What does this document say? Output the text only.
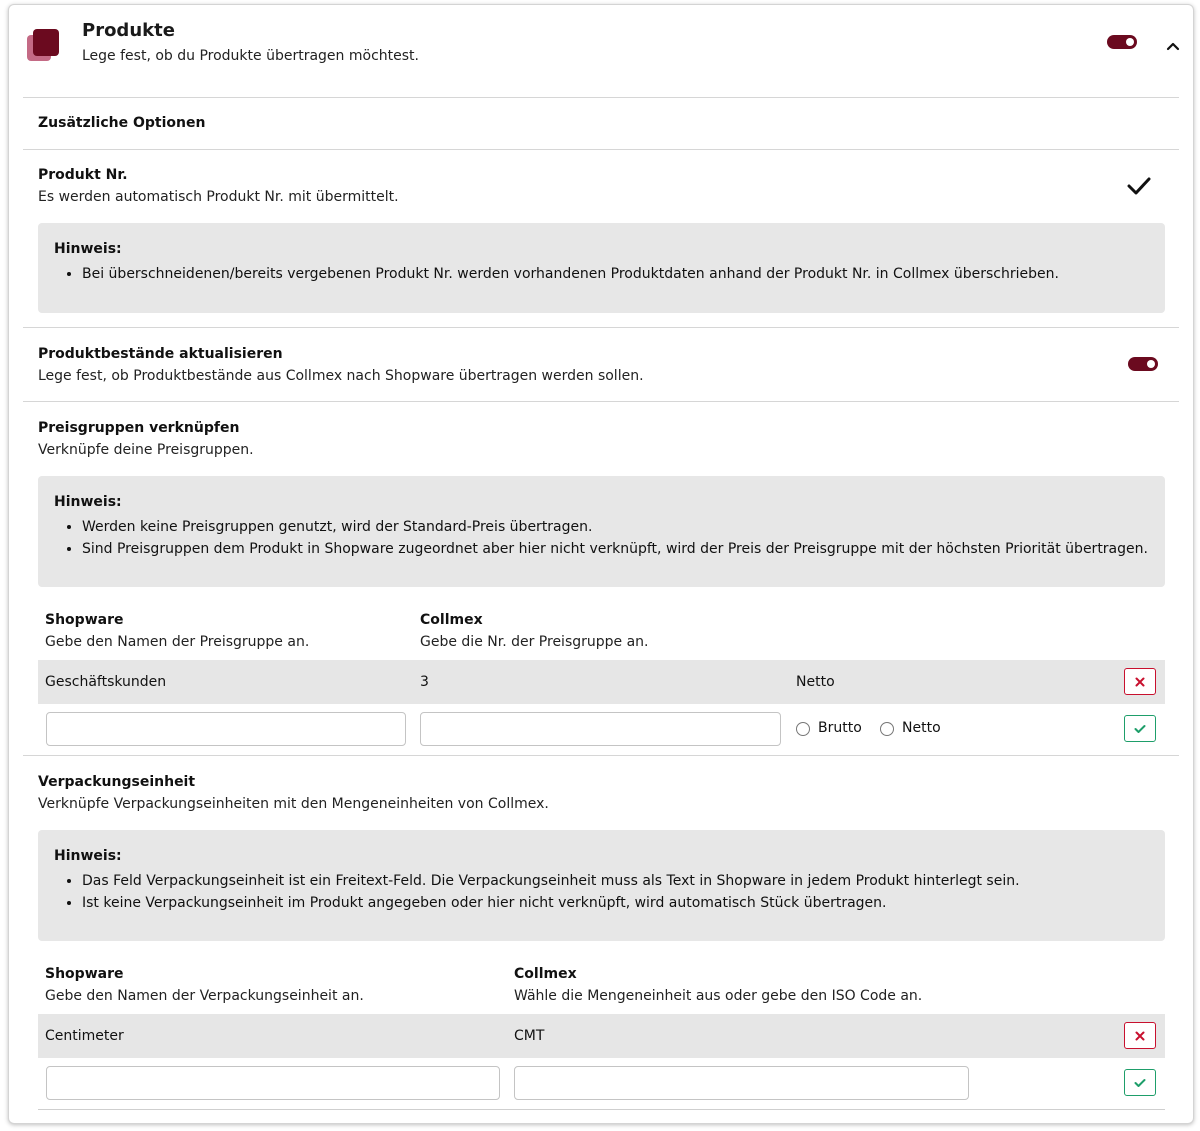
Produkte
Lege fest, ob du Produkte übertragen möchtest.
Zusätzliche Optionen
Produkt Nr.
Es werden automatisch Produkt Nr. mit übermittelt.
Hinweis:
• Bei überschneidenen/bereits vergebenen Produkt Nr. werden vorhandenen Produktdaten anhand der Produkt Nr. in Collmex überschrieben.
Produktbestände aktualisieren
Lege fest, ob Produktbestände aus Collmex nach Shopware übertragen werden sollen.
Preisgruppen verknüpfen
Verknüpfe deine Preisgruppen.
Hinweis:
• Werden keine Preisgruppen genutzt, wird der Standard-Preis übertragen.
• Sind Preisgruppen dem Produkt in Shopware zugeordnet aber hier nicht verknüpft, wird der Preis der Preisgruppe mit der höchsten Priorität übertragen.
Shopware
Gebe den Namen der Preisgruppe an.
Collmex
Gebe die Nr. der Preisgruppe an.
Geschäftskunden	3	Netto
Brutto	Netto
Verpackungseinheit
Verknüpfe Verpackungseinheiten mit den Mengeneinheiten von Collmex.
Hinweis:
• Das Feld Verpackungseinheit ist ein Freitext-Feld. Die Verpackungseinheit muss als Text in Shopware in jedem Produkt hinterlegt sein.
• Ist keine Verpackungseinheit im Produkt angegeben oder hier nicht verknüpft, wird automatisch Stück übertragen.
Shopware
Gebe den Namen der Verpackungseinheit an.
Collmex
Wähle die Mengeneinheit aus oder gebe den ISO Code an.
Centimeter	CMT
